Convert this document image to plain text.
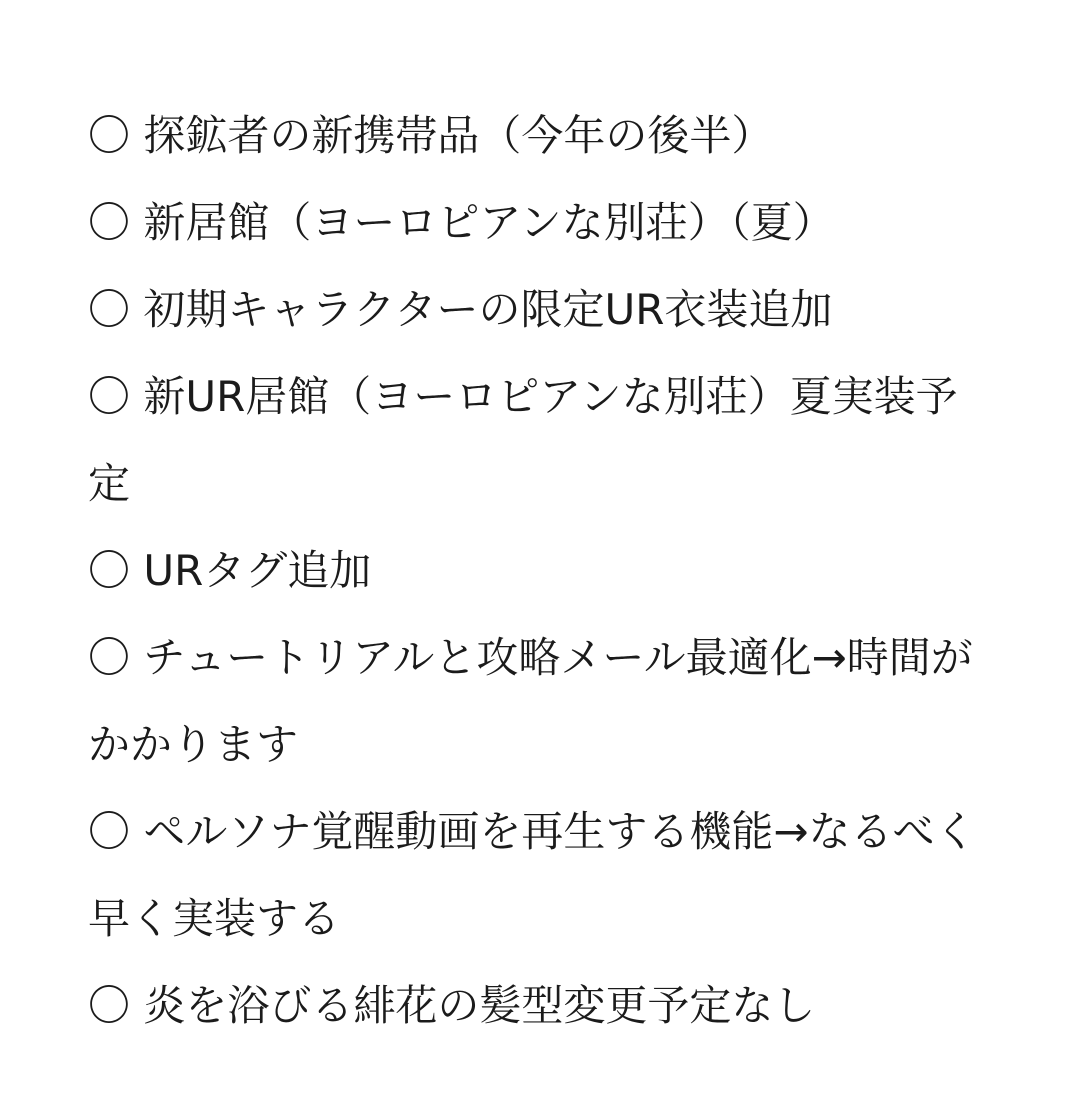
〇 探鉱者の新携帯品（今年の後半）
〇 新居館（ヨーロピアンな別荘）（夏）
〇 初期キャラクターの限定UR衣装追加
〇 新UR居館（ヨーロピアンな別荘）夏実装予定
〇 URタグ追加
〇 チュートリアルと攻略メール最適化→時間がかかります
〇 ペルソナ覚醒動画を再生する機能→なるべく早く実装する
〇 炎を浴びる緋花の髪型変更予定なし
